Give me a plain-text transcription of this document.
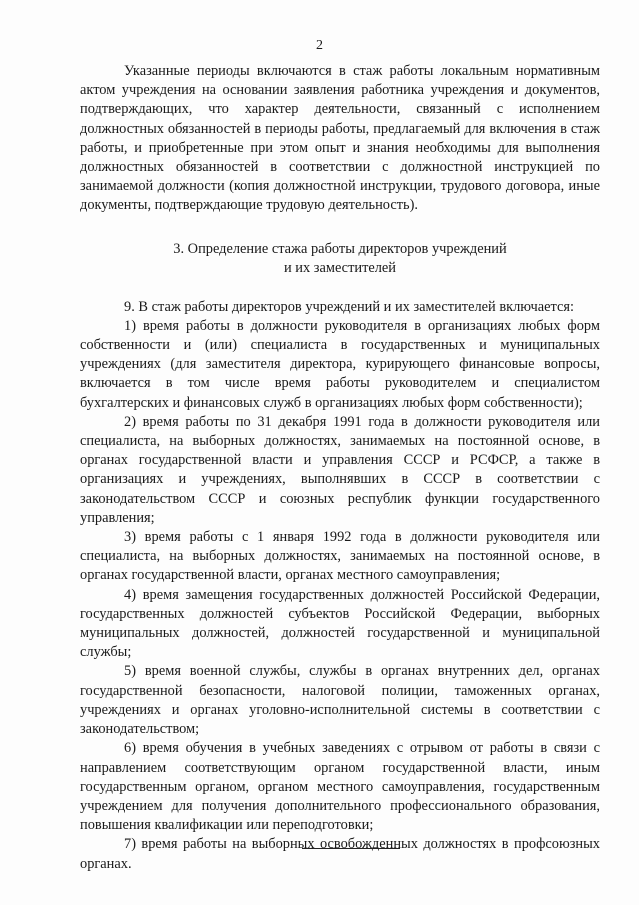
2

Указанные периоды включаются в стаж работы локальным нормативным актом учреждения на основании заявления работника учреждения и документов, подтверждающих, что характер деятельности, связанный с исполнением должностных обязанностей в периоды работы, предлагаемый для включения в стаж работы, и приобретенные при этом опыт и знания необходимы для выполнения должностных обязанностей в соответствии с должностной инструкцией по занимаемой должности (копия должностной инструкции, трудового договора, иные документы, подтверждающие трудовую деятельность).

3. Определение стажа работы директоров учреждений
и их заместителей

9. В стаж работы директоров учреждений и их заместителей включается:

1) время работы в должности руководителя в организациях любых форм собственности и (или) специалиста в государственных и муниципальных учреждениях (для заместителя директора, курирующего финансовые вопросы, включается в том числе время работы руководителем и специалистом бухгалтерских и финансовых служб в организациях любых форм собственности);

2) время работы по 31 декабря 1991 года в должности руководителя или специалиста, на выборных должностях, занимаемых на постоянной основе, в органах государственной власти и управления СССР и РСФСР, а также в организациях и учреждениях, выполнявших в СССР в соответствии с законодательством СССР и союзных республик функции государственного управления;

3) время работы с 1 января 1992 года в должности руководителя или специалиста, на выборных должностях, занимаемых на постоянной основе, в органах государственной власти, органах местного самоуправления;

4) время замещения государственных должностей Российской Федерации, государственных должностей субъектов Российской Федерации, выборных муниципальных должностей, должностей государственной и муниципальной службы;

5) время военной службы, службы в органах внутренних дел, органах государственной безопасности, налоговой полиции, таможенных органах, учреждениях и органах уголовно-исполнительной системы в соответствии с законодательством;

6) время обучения в учебных заведениях с отрывом от работы в связи с направлением соответствующим органом государственной власти, иным государственным органом, органом местного самоуправления, государственным учреждением для получения дополнительного профессионального образования, повышения квалификации или переподготовки;

7) время работы на выборных освобожденных должностях в профсоюзных органах.
